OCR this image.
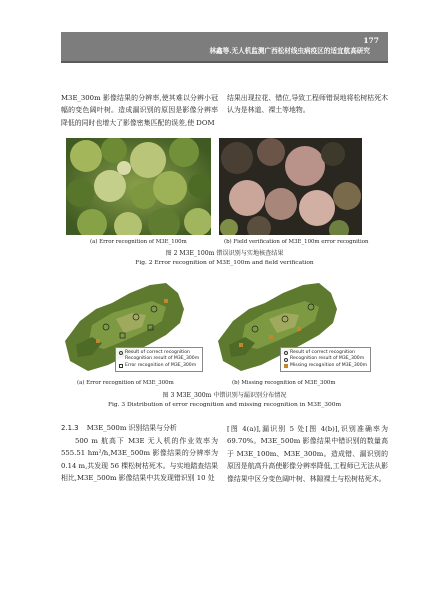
177
林鑫等.无人机监测广西松材线虫病疫区的适宜航高研究

M3E_300m 影像结果的分辨率,使其难以分辨小冠幅的变色阔叶树。造成漏识别的原因是影像分辨率降低的同时也增大了影像密集匹配的误差,使 DOM

结果出现拉花、错位,导致工程师错误地将松树枯死木认为是林道、裸土等地物。

(a) Error recognition of M3E_100m	(b) Field verification of M3E_100m error recognition

图 2 M3E_100m 错误识别与实地核查结果

Fig. 2 Error recognition of M3E_100m and field verification

Result of correct recognition
Recognition result of M3E_300m
Error recognition of M3E_300m
Result of correct recognition
Recognition result of M3E_300m
Missing recognition of M3E_300m

(a) Error recognition of M3E_300m	(b) Missing recognition of M3E_300m

图 3 M3E_300m 中错识别与漏识别分布情况

Fig. 3 Distribution of error recognition and missing recognition in M3E_300m

2.1.3 M3E_500m 识别结果与分析

500 m 航高下 M3E 无人机的作业效率为 555.51 hm²/h,M3E_500m 影像结果的分辨率为 0.14 m,共发现 56 棵松树枯死木。与实地踏查结果相比,M3E_500m 影像结果中共发现错识别 10 处

[图 4(a)],漏识别 5 处[图 4(b)],识别准确率为 69.70%。M3E_500m 影像结果中错识别的数量高于 M3E_100m、M3E_300m。造成错、漏识别的原因是航高升高使影像分辨率降低,工程师已无法从影像结果中区分变色阔叶树、林隙裸土与松树枯死木。
